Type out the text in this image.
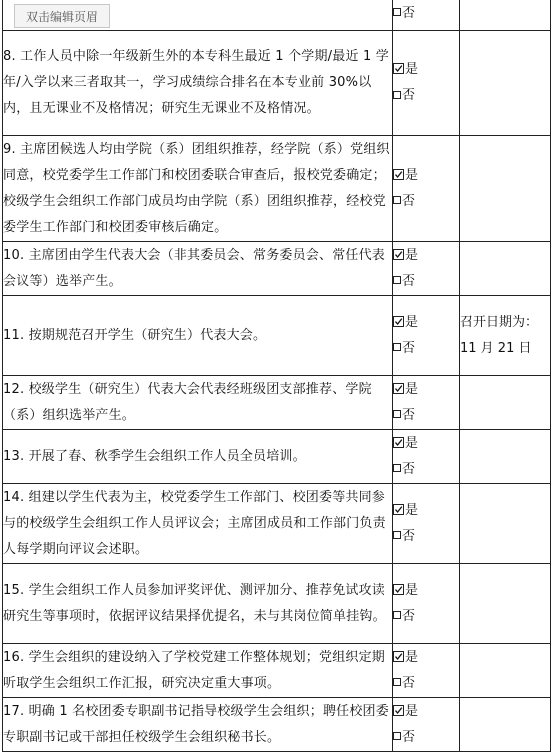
	否	

8. 工作人员中除一年级新生外的本专科生最近 1 个学期/最近 1 学年/入学以来三者取其一，学习成绩综合排名在本专业前 30%以内，且无课业不及格情况；研究生无课业不及格情况。	是
否	

9. 主席团候选人均由学院（系）团组织推荐，经学院（系）党组织同意，校党委学生工作部门和校团委联合审查后，报校党委确定；校级学生会组织工作部门成员均由学院（系）团组织推荐，经校党委学生工作部门和校团委审核后确定。	是
否	

10. 主席团由学生代表大会（非其委员会、常务委员会、常任代表会议等）选举产生。	是
否	

11. 按期规范召开学生（研究生）代表大会。	是
否	召开日期为：11 月 21 日
12. 校级学生（研究生）代表大会代表经班级团支部推荐、学院（系）组织选举产生。	是
否	

13. 开展了春、秋季学生会组织工作人员全员培训。	是
否	

14. 组建以学生代表为主，校党委学生工作部门、校团委等共同参与的校级学生会组织工作人员评议会；主席团成员和工作部门负责人每学期向评议会述职。	是
否	

15. 学生会组织工作人员参加评奖评优、测评加分、推荐免试攻读研究生等事项时，依据评议结果择优提名，未与其岗位简单挂钩。	是
否	

16. 学生会组织的建设纳入了学校党建工作整体规划；党组织定期听取学生会组织工作汇报，研究决定重大事项。	是
否	

17. 明确 1 名校团委专职副书记指导校级学生会组织；聘任校团委专职副书记或干部担任校级学生会组织秘书长。	是
否	

双击编辑页眉
